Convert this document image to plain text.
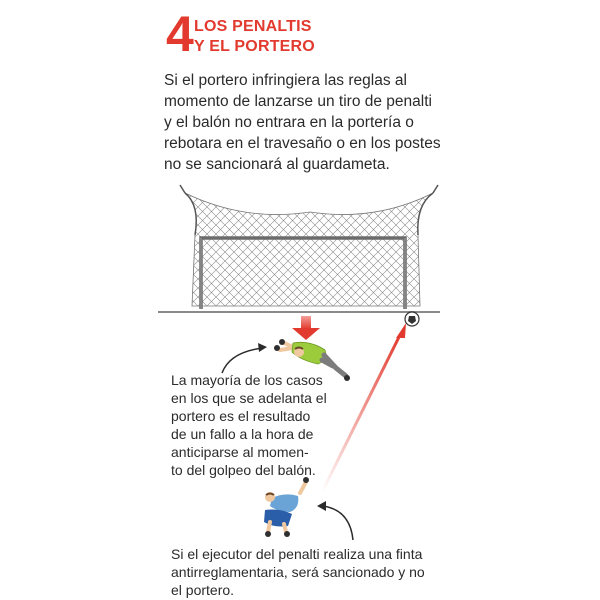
4 LOS PENALTIS
Y EL PORTERO

Si el portero infringiera las reglas al
momento de lanzarse un tiro de penalti
y el balón no entrara en la portería o
rebotara en el travesaño o en los postes
no se sancionará al guardameta.

La mayoría de los casos
en los que se adelanta el
portero es el resultado
de un fallo a la hora de
anticiparse al momen-
to del golpeo del balón.

Si el ejecutor del penalti realiza una finta
antirreglamentaria, será sancionado y no
el portero.
